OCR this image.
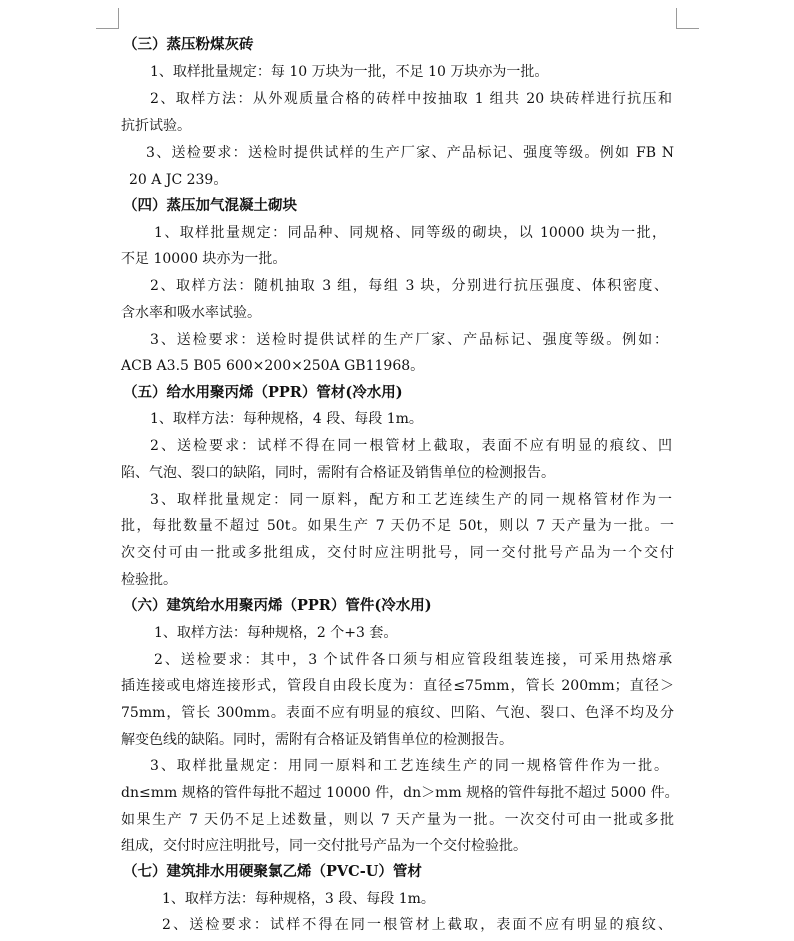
（三）蒸压粉煤灰砖
1、取样批量规定：每 10 万块为一批，不足 10 万块亦为一批。
2、取样方法：从外观质量合格的砖样中按抽取 1 组共 20 块砖样进行抗压和
抗折试验。
3、送检要求：送检时提供试样的生产厂家、产品标记、强度等级。例如 FB N
20 A JC 239。
（四）蒸压加气混凝土砌块
1、取样批量规定：同品种、同规格、同等级的砌块，以 10000 块为一批，
不足 10000 块亦为一批。
2、取样方法：随机抽取 3 组，每组 3 块，分别进行抗压强度、体积密度、
含水率和吸水率试验。
3、送检要求：送检时提供试样的生产厂家、产品标记、强度等级。例如：
ACB A3.5 B05 600×200×250A GB11968。
（五）给水用聚丙烯（PPR）管材(冷水用)
1、取样方法：每种规格，4 段、每段 1m。
2、送检要求：试样不得在同一根管材上截取，表面不应有明显的痕纹、凹
陷、气泡、裂口的缺陷，同时，需附有合格证及销售单位的检测报告。
3、取样批量规定：同一原料，配方和工艺连续生产的同一规格管材作为一
批，每批数量不超过 50t。如果生产 7 天仍不足 50t，则以 7 天产量为一批。一
次交付可由一批或多批组成，交付时应注明批号，同一交付批号产品为一个交付
检验批。
（六）建筑给水用聚丙烯（PPR）管件(冷水用)
1、取样方法：每种规格，2 个+3 套。
2、送检要求：其中，3 个试件各口须与相应管段组装连接，可采用热熔承
插连接或电熔连接形式，管段自由段长度为：直径≤75mm，管长 200mm；直径＞
75mm，管长 300mm。表面不应有明显的痕纹、凹陷、气泡、裂口、色泽不均及分
解变色线的缺陷。同时，需附有合格证及销售单位的检测报告。
3、取样批量规定：用同一原料和工艺连续生产的同一规格管件作为一批。
dn≤mm 规格的管件每批不超过 10000 件，dn＞mm 规格的管件每批不超过 5000 件。
如果生产 7 天仍不足上述数量，则以 7 天产量为一批。一次交付可由一批或多批
组成，交付时应注明批号，同一交付批号产品为一个交付检验批。
（七）建筑排水用硬聚氯乙烯（PVC-U）管材
1、取样方法：每种规格，3 段、每段 1m。
2、送检要求：试样不得在同一根管材上截取，表面不应有明显的痕纹、
